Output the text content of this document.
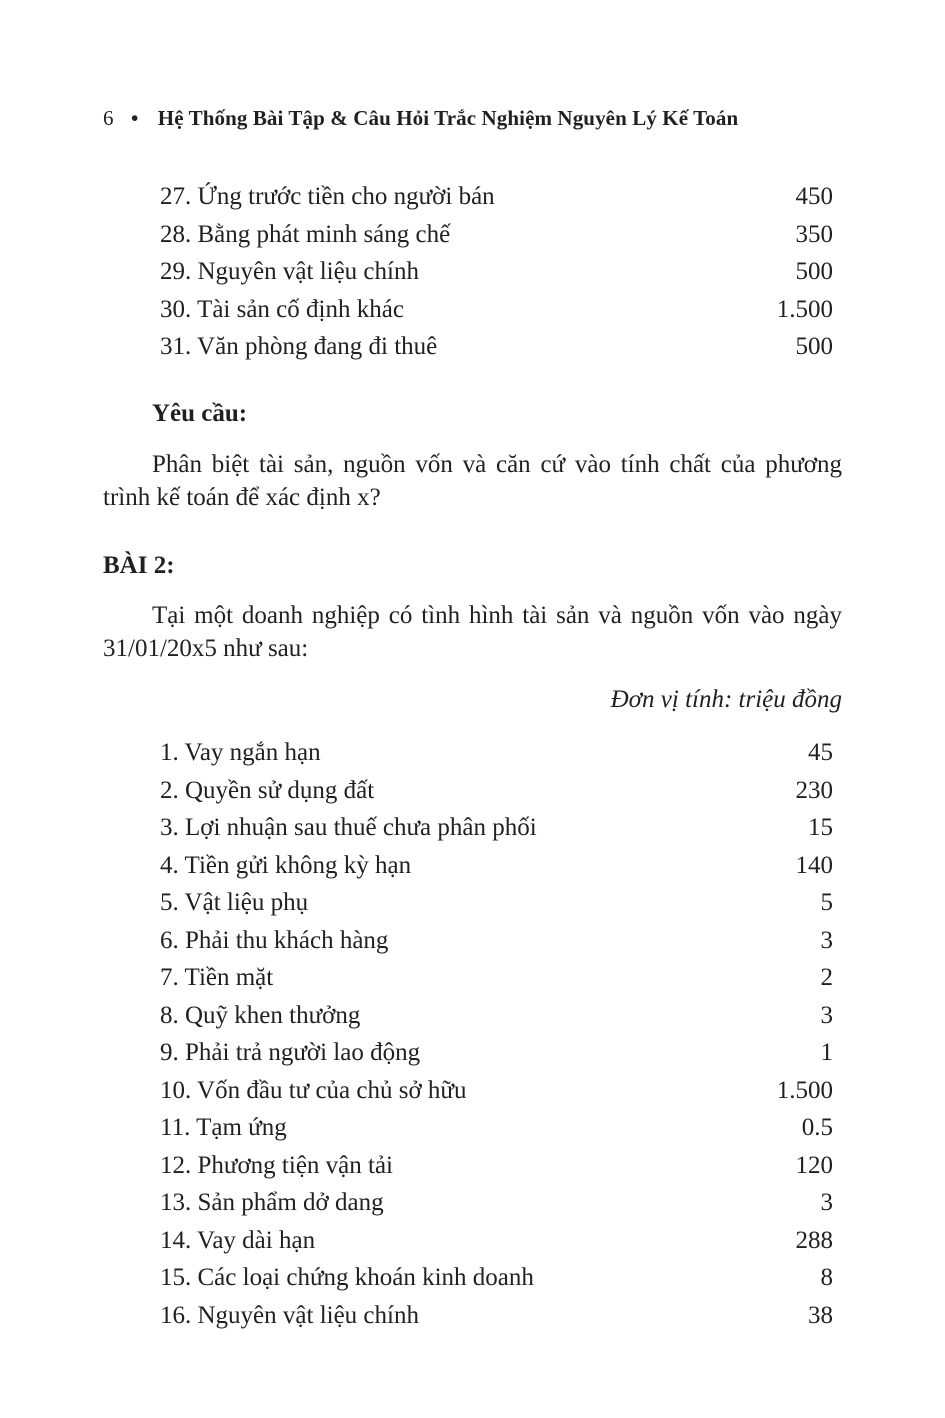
6 • Hệ Thống Bài Tập & Câu Hỏi Trắc Nghiệm Nguyên Lý Kế Toán
27. Ứng trước tiền cho người bán	450
28. Bằng phát minh sáng chế	350
29. Nguyên vật liệu chính	500
30. Tài sản cố định khác	1.500
31. Văn phòng đang đi thuê	500
Yêu cầu:
Phân biệt tài sản, nguồn vốn và căn cứ vào tính chất của phương trình kế toán để xác định x?
BÀI 2:
Tại một doanh nghiệp có tình hình tài sản và nguồn vốn vào ngày 31/01/20x5 như sau:
Đơn vị tính: triệu đồng
1. Vay ngắn hạn	45
2. Quyền sử dụng đất	230
3. Lợi nhuận sau thuế chưa phân phối	15
4. Tiền gửi không kỳ hạn	140
5. Vật liệu phụ	5
6. Phải thu khách hàng	3
7. Tiền mặt	2
8. Quỹ khen thưởng	3
9. Phải trả người lao động	1
10. Vốn đầu tư của chủ sở hữu	1.500
11. Tạm ứng	0.5
12. Phương tiện vận tải	120
13. Sản phẩm dở dang	3
14. Vay dài hạn	288
15. Các loại chứng khoán kinh doanh	8
16. Nguyên vật liệu chính	38
